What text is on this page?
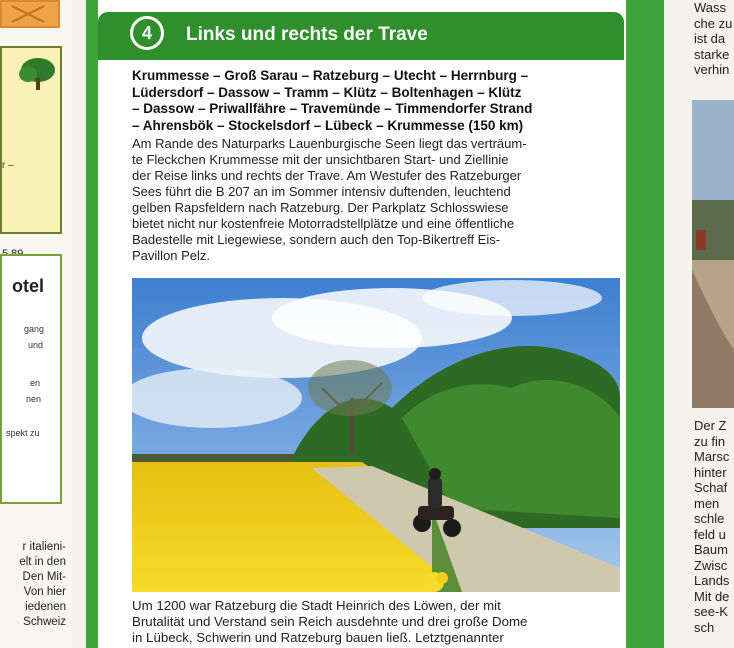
r –
otel
gang
und
en
nen
spekt zu
r italieni-
elt in den
Den Mit-
Von hier
iedenen
Schweiz
4	Links und rechts der Trave
Krummesse – Groß Sarau – Ratzeburg – Utecht – Herrnburg –
Lüdersdorf – Dassow – Tramm – Klütz – Boltenhagen – Klütz
– Dassow – Priwallfähre – Travemünde – Timmendorfer Strand
– Ahrensbök – Stockelsdorf – Lübeck – Krummesse (150 km)
Am Rande des Naturparks Lauenburgische Seen liegt das verträum-
te Fleckchen Krummesse mit der unsichtbaren Start- und Ziellinie
der Reise links und rechts der Trave. Am Westufer des Ratzeburger
Sees führt die B 207 an im Sommer intensiv duftenden, leuchtend
gelben Rapsfeldern nach Ratzeburg. Der Parkplatz Schlosswiese
bietet nicht nur kostenfreie Motorradstellplätze und eine öffentliche
Badestelle mit Liegewiese, sondern auch den Top-Bikertreff Eis-
Pavillon Pelz.
Um 1200 war Ratzeburg die Stadt Heinrich des Löwen, der mit
Brutalität und Verstand sein Reich ausdehnte und drei große Dome
in Lübeck, Schwerin und Ratzeburg bauen ließ. Letztgenannter
Wass
che zu
ist da
starke
verhin
Der Z
zu fin
Marsc
hinter
Schaf
men
schle
feld u
Baum
Zwisc
Lands
Mit de
see-K
sch
